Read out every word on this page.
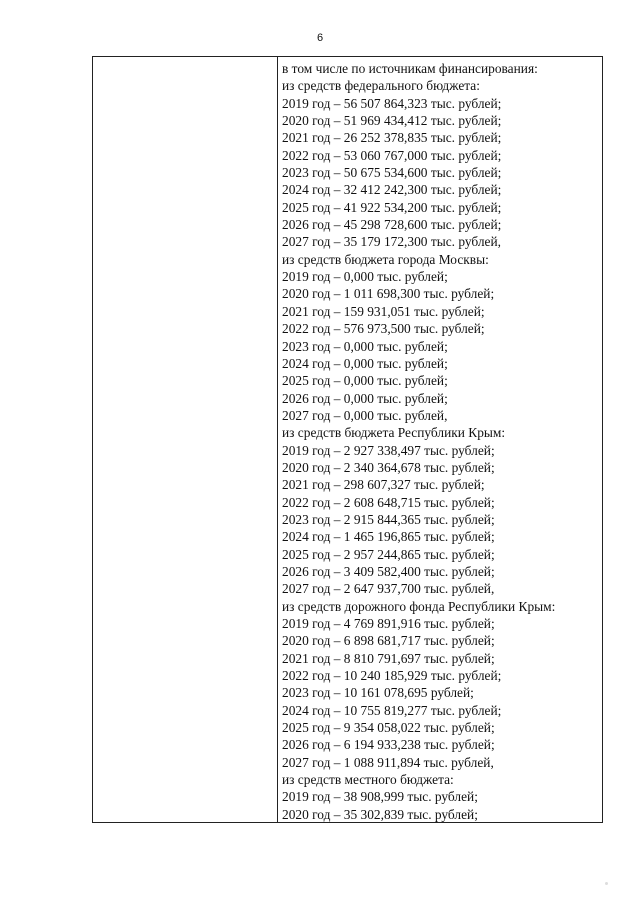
6
в том числе по источникам финансирования:
из средств федерального бюджета:
2019 год – 56 507 864,323 тыс. рублей;
2020 год – 51 969 434,412 тыс. рублей;
2021 год – 26 252 378,835 тыс. рублей;
2022 год – 53 060 767,000 тыс. рублей;
2023 год – 50 675 534,600 тыс. рублей;
2024 год – 32 412 242,300 тыс. рублей;
2025 год – 41 922 534,200 тыс. рублей;
2026 год – 45 298 728,600 тыс. рублей;
2027 год – 35 179 172,300 тыс. рублей,
из средств бюджета города Москвы:
2019 год – 0,000 тыс. рублей;
2020 год – 1 011 698,300 тыс. рублей;
2021 год – 159 931,051 тыс. рублей;
2022 год – 576 973,500 тыс. рублей;
2023 год – 0,000 тыс. рублей;
2024 год – 0,000 тыс. рублей;
2025 год – 0,000 тыс. рублей;
2026 год – 0,000 тыс. рублей;
2027 год – 0,000 тыс. рублей,
из средств бюджета Республики Крым:
2019 год – 2 927 338,497 тыс. рублей;
2020 год – 2 340 364,678 тыс. рублей;
2021 год – 298 607,327 тыс. рублей;
2022 год – 2 608 648,715 тыс. рублей;
2023 год – 2 915 844,365 тыс. рублей;
2024 год – 1 465 196,865 тыс. рублей;
2025 год – 2 957 244,865 тыс. рублей;
2026 год – 3 409 582,400 тыс. рублей;
2027 год – 2 647 937,700 тыс. рублей,
из средств дорожного фонда Республики Крым:
2019 год – 4 769 891,916 тыс. рублей;
2020 год – 6 898 681,717 тыс. рублей;
2021 год – 8 810 791,697 тыс. рублей;
2022 год – 10 240 185,929 тыс. рублей;
2023 год – 10 161 078,695 рублей;
2024 год – 10 755 819,277 тыс. рублей;
2025 год – 9 354 058,022 тыс. рублей;
2026 год – 6 194 933,238 тыс. рублей;
2027 год – 1 088 911,894 тыс. рублей,
из средств местного бюджета:
2019 год – 38 908,999 тыс. рублей;
2020 год – 35 302,839 тыс. рублей;
